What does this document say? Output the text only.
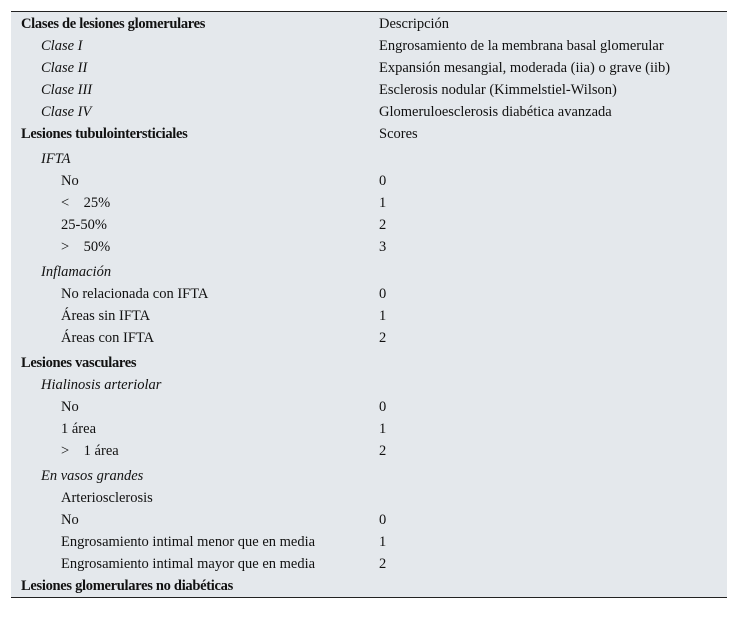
Clases de lesiones glomerulares	Descripción
Clase I	Engrosamiento de la membrana basal glomerular
Clase II	Expansión mesangial, moderada (iia) o grave (iib)
Clase III	Esclerosis nodular (Kimmelstiel-Wilson)
Clase IV	Glomeruloesclerosis diabética avanzada
Lesiones tubulointersticiales	Scores
IFTA
No	0
<    25%	1
25-50%	2
>    50%	3
Inflamación
No relacionada con IFTA	0
Áreas sin IFTA	1
Áreas con IFTA	2
Lesiones vasculares
Hialinosis arteriolar
No	0
1 área	1
>    1 área	2
En vasos grandes
Arteriosclerosis
No	0
Engrosamiento intimal menor que en media	1
Engrosamiento intimal mayor que en media	2
Lesiones glomerulares no diabéticas
